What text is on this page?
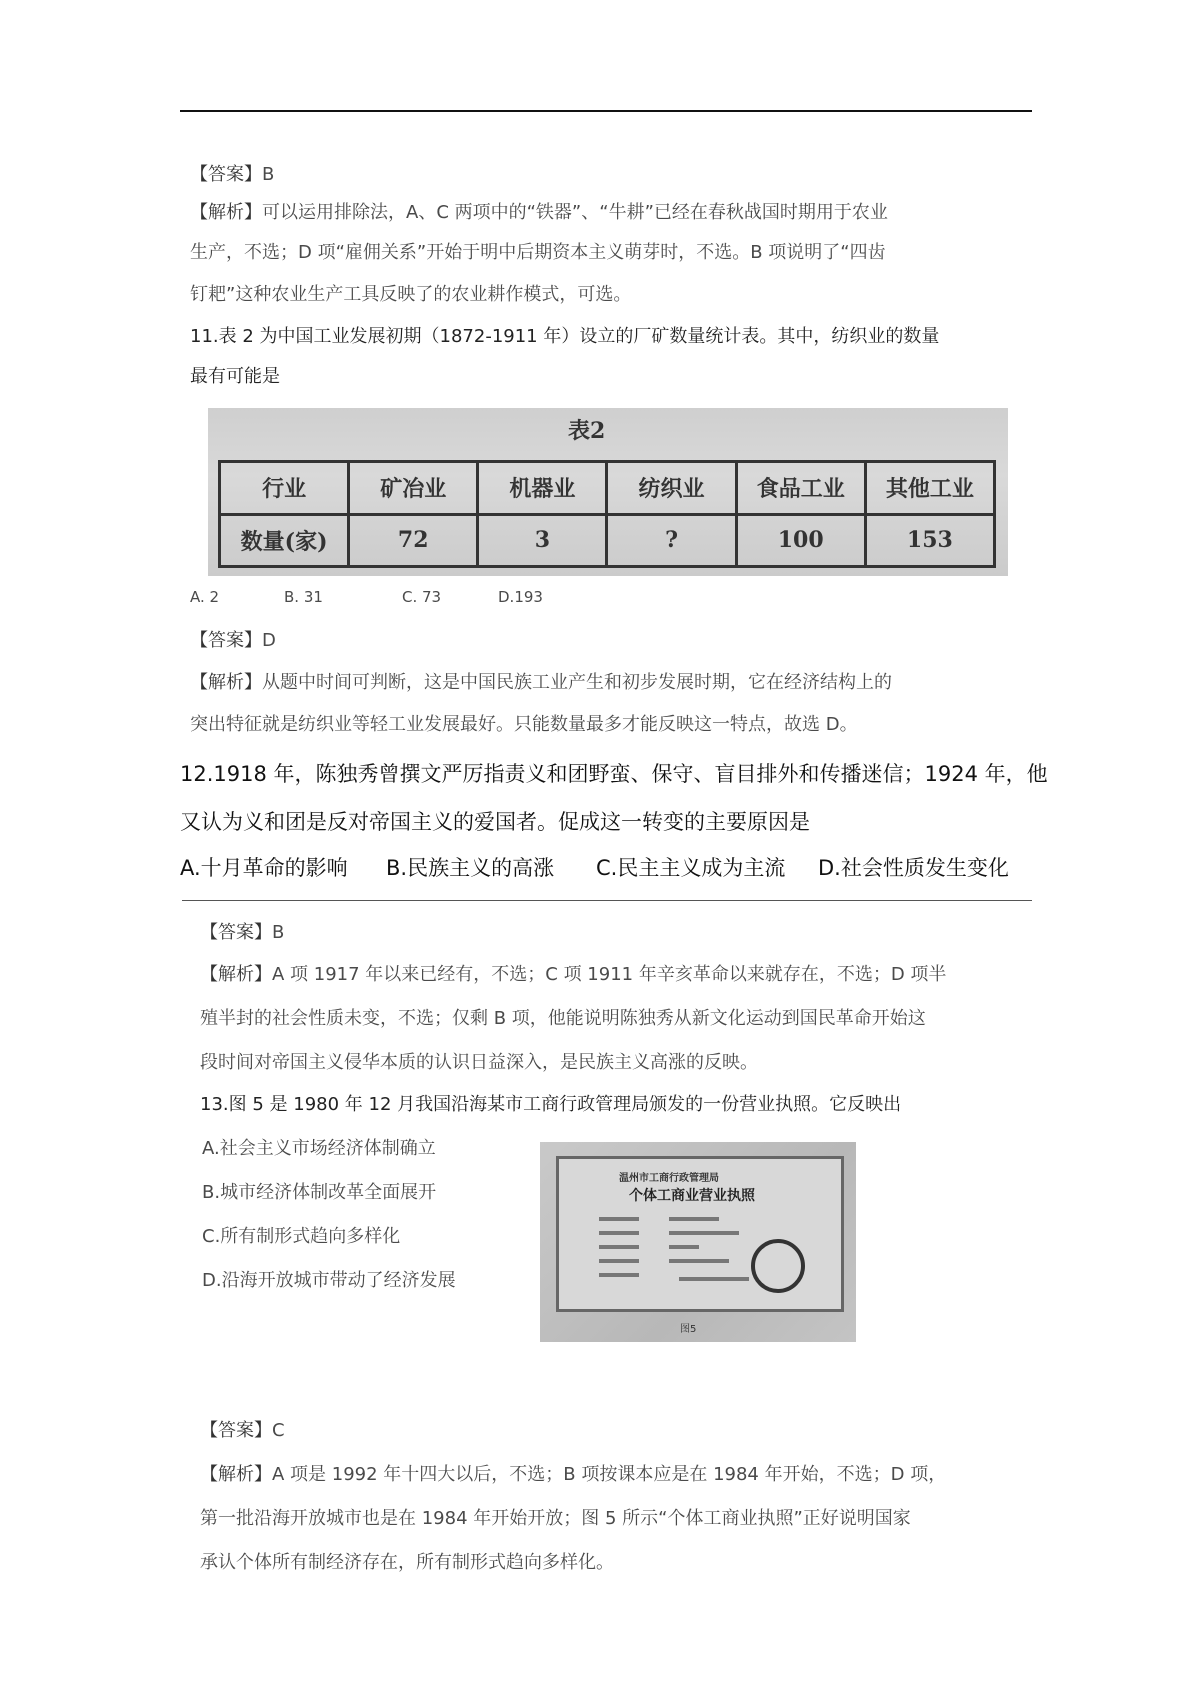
【答案】B
【解析】可以运用排除法，A、C 两项中的“铁器”、“牛耕”已经在春秋战国时期用于农业
生产，不选；D 项“雇佣关系”开始于明中后期资本主义萌芽时，不选。B 项说明了“四齿
钉耙”这种农业生产工具反映了的农业耕作模式，可选。
11.表 2 为中国工业发展初期（1872-1911 年）设立的厂矿数量统计表。其中，纺织业的数量
最有可能是
表2
行业	矿冶业	机器业	纺织业	食品工业	其他工业
数量(家)	72	3	?	100	153
A. 2	B. 31	C. 73	D.193
【答案】D
【解析】从题中时间可判断，这是中国民族工业产生和初步发展时期，它在经济结构上的
突出特征就是纺织业等轻工业发展最好。只能数量最多才能反映这一特点，故选 D。
12.1918 年，陈独秀曾撰文严厉指责义和团野蛮、保守、盲目排外和传播迷信；1924 年，他
又认为义和团是反对帝国主义的爱国者。促成这一转变的主要原因是
A.十月革命的影响 B.民族主义的高涨 C.民主主义成为主流 D.社会性质发生变化
【答案】B
【解析】A 项 1917 年以来已经有，不选；C 项 1911 年辛亥革命以来就存在，不选；D 项半
殖半封的社会性质未变，不选；仅剩 B 项，他能说明陈独秀从新文化运动到国民革命开始这
段时间对帝国主义侵华本质的认识日益深入，是民族主义高涨的反映。
13.图 5 是 1980 年 12 月我国沿海某市工商行政管理局颁发的一份营业执照。它反映出
A.社会主义市场经济体制确立
B.城市经济体制改革全面展开
C.所有制形式趋向多样化
D.沿海开放城市带动了经济发展
温州市工商行政管理局
个体工商业营业执照
图5
【答案】C
【解析】A 项是 1992 年十四大以后，不选；B 项按课本应是在 1984 年开始，不选；D 项，
第一批沿海开放城市也是在 1984 年开始开放；图 5 所示“个体工商业执照”正好说明国家
承认个体所有制经济存在，所有制形式趋向多样化。
